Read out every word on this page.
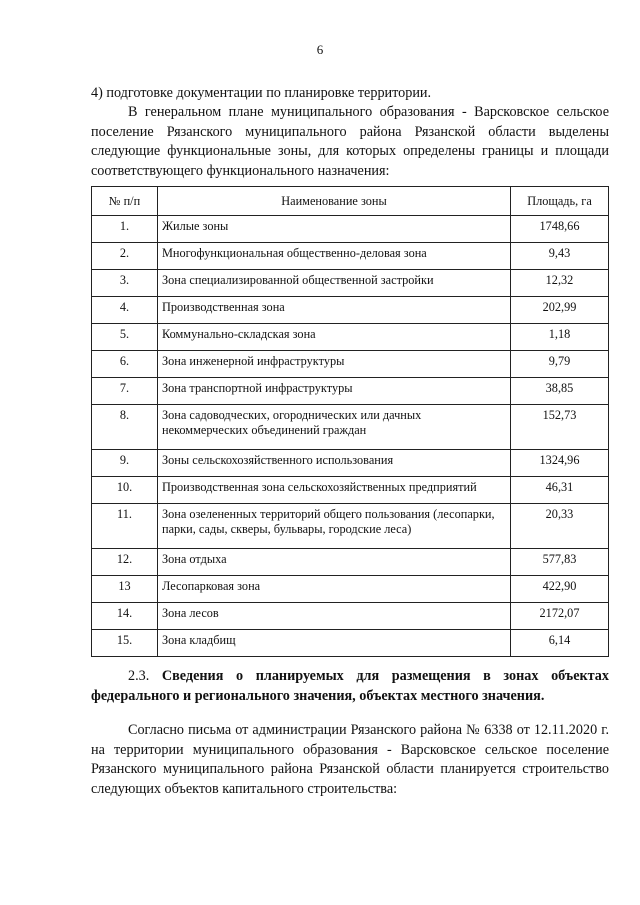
6

4) подготовке документации по планировке территории.

В генеральном плане муниципального образования - Варсковское сельское поселение Рязанского муниципального района Рязанской области выделены следующие функциональные зоны, для которых определены границы и площади соответствующего функционального назначения:

№ п/п	Наименование зоны	Площадь, га
1.	Жилые зоны	1748,66
2.	Многофункциональная общественно-деловая зона	9,43
3.	Зона специализированной общественной застройки	12,32
4.	Производственная зона	202,99
5.	Коммунально-складская зона	1,18
6.	Зона инженерной инфраструктуры	9,79
7.	Зона транспортной инфраструктуры	38,85
8.	Зона садоводческих, огороднических или дачных некоммерческих объединений граждан	152,73
9.	Зоны сельскохозяйственного использования	1324,96
10.	Производственная зона сельскохозяйственных предприятий	46,31
11.	Зона озелененных территорий общего пользования (лесопарки, парки, сады, скверы, бульвары, городские леса)	20,33
12.	Зона отдыха	577,83
13	Лесопарковая зона	422,90
14.	Зона лесов	2172,07
15.	Зона кладбищ	6,14

2.3. Сведения о планируемых для размещения в зонах объектах федерального и регионального значения, объектах местного значения.

Согласно письма от администрации Рязанского района № 6338 от 12.11.2020 г. на территории муниципального образования - Варсковское сельское поселение Рязанского муниципального района Рязанской области планируется строительство следующих объектов капитального строительства:
